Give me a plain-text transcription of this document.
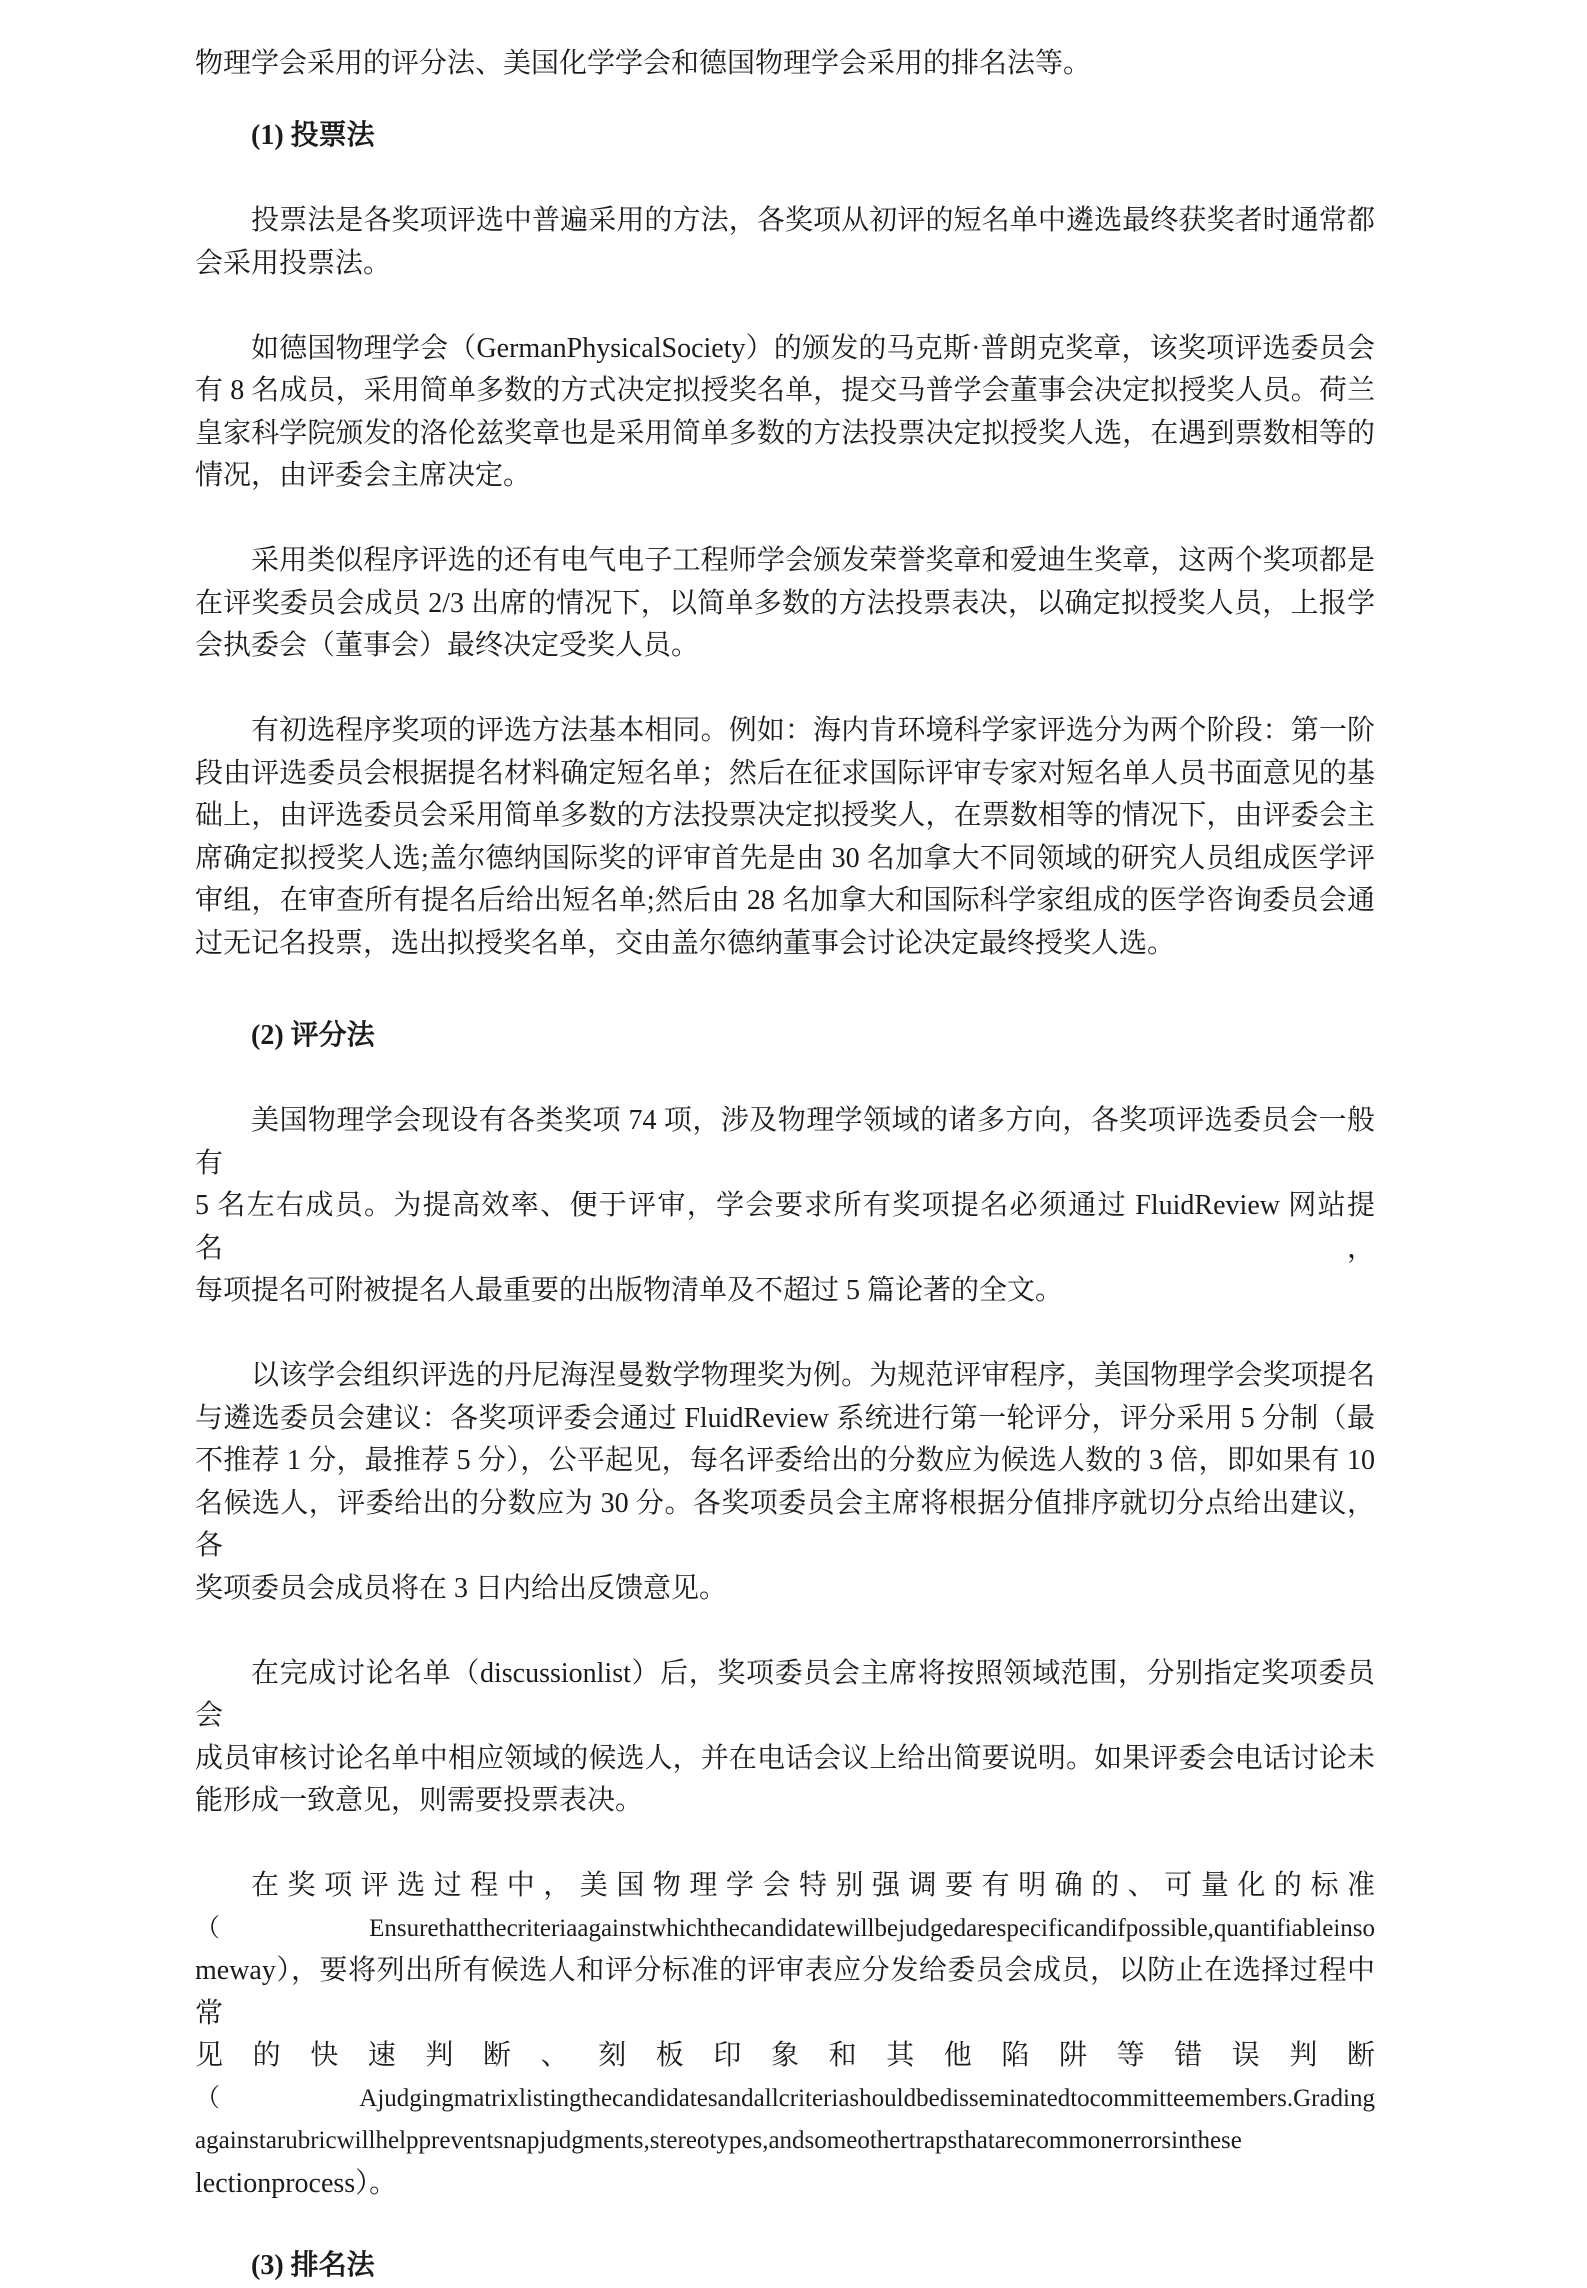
物理学会采用的评分法、美国化学学会和德国物理学会采用的排名法等。

(1) 投票法

投票法是各奖项评选中普遍采用的方法，各奖项从初评的短名单中遴选最终获奖者时通常都
会采用投票法。

如德国物理学会（GermanPhysicalSociety）的颁发的马克斯·普朗克奖章，该奖项评选委员会
有 8 名成员，采用简单多数的方式决定拟授奖名单，提交马普学会董事会决定拟授奖人员。荷兰
皇家科学院颁发的洛伦兹奖章也是采用简单多数的方法投票决定拟授奖人选，在遇到票数相等的
情况，由评委会主席决定。

采用类似程序评选的还有电气电子工程师学会颁发荣誉奖章和爱迪生奖章，这两个奖项都是
在评奖委员会成员 2/3 出席的情况下，以简单多数的方法投票表决，以确定拟授奖人员，上报学
会执委会（董事会）最终决定受奖人员。

有初选程序奖项的评选方法基本相同。例如：海内肯环境科学家评选分为两个阶段：第一阶
段由评选委员会根据提名材料确定短名单；然后在征求国际评审专家对短名单人员书面意见的基
础上，由评选委员会采用简单多数的方法投票决定拟授奖人，在票数相等的情况下，由评委会主
席确定拟授奖人选;盖尔德纳国际奖的评审首先是由 30 名加拿大不同领域的研究人员组成医学评
审组，在审查所有提名后给出短名单;然后由 28 名加拿大和国际科学家组成的医学咨询委员会通
过无记名投票，选出拟授奖名单，交由盖尔德纳董事会讨论决定最终授奖人选。

(2) 评分法

美国物理学会现设有各类奖项 74 项，涉及物理学领域的诸多方向，各奖项评选委员会一般有
5 名左右成员。为提高效率、便于评审，学会要求所有奖项提名必须通过 FluidReview 网站提名，
每项提名可附被提名人最重要的出版物清单及不超过 5 篇论著的全文。

以该学会组织评选的丹尼海涅曼数学物理奖为例。为规范评审程序，美国物理学会奖项提名
与遴选委员会建议：各奖项评委会通过 FluidReview 系统进行第一轮评分，评分采用 5 分制（最
不推荐 1 分，最推荐 5 分），公平起见，每名评委给出的分数应为候选人数的 3 倍，即如果有 10
名候选人，评委给出的分数应为 30 分。各奖项委员会主席将根据分值排序就切分点给出建议，各
奖项委员会成员将在 3 日内给出反馈意见。

在完成讨论名单（discussionlist）后，奖项委员会主席将按照领域范围，分别指定奖项委员会
成员审核讨论名单中相应领域的候选人，并在电话会议上给出简要说明。如果评委会电话讨论未
能形成一致意见，则需要投票表决。

在奖项评选过程中，美国物理学会特别强调要有明确的、可量化的标准
（ Ensurethatthecriteriaagainstwhichthecandidatewillbejudgedarespecificandifpossible,quantifiableinso
meway），要将列出所有候选人和评分标准的评审表应分发给委员会成员，以防止在选择过程中常
见的快速判断、刻板印象和其他陷阱等错误判断
（ Ajudgingmatrixlistingthecandidatesandallcriteriashouldbedisseminatedtocommitteemembers.Grading
againstarubricwillhelppreventsnapjudgments,stereotypes,andsomeothertrapsthatarecommonerrorsinthese
lectionprocess）。

(3) 排名法
